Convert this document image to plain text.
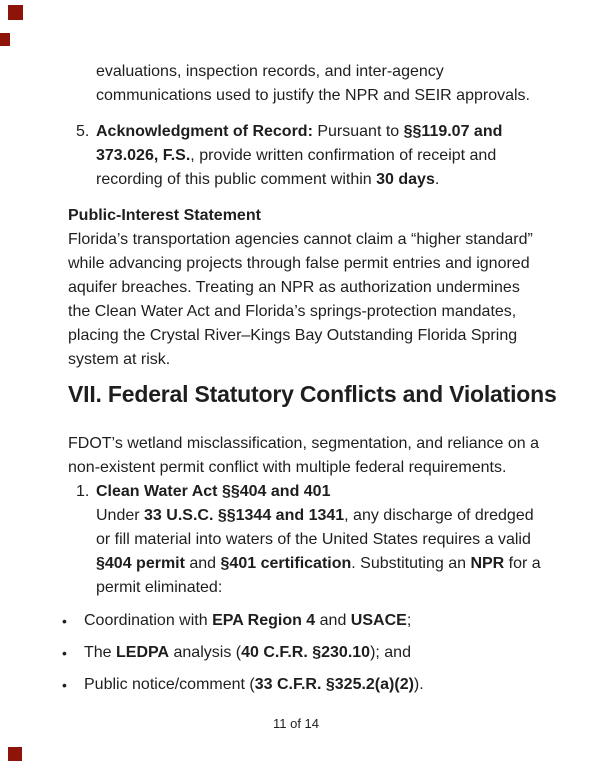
evaluations, inspection records, and inter-agency communications used to justify the NPR and SEIR approvals.

5. Acknowledgment of Record: Pursuant to §§119.07 and 373.026, F.S., provide written confirmation of receipt and recording of this public comment within 30 days.
Public-Interest Statement

Florida’s transportation agencies cannot claim a “higher standard” while advancing projects through false permit entries and ignored aquifer breaches. Treating an NPR as authorization undermines the Clean Water Act and Florida’s springs-protection mandates, placing the Crystal River–Kings Bay Outstanding Florida Spring system at risk.

VII. Federal Statutory Conflicts and Violations

FDOT’s wetland misclassification, segmentation, and reliance on a non-existent permit conflict with multiple federal requirements.

1. Clean Water Act §§404 and 401
Under 33 U.S.C. §§1344 and 1341, any discharge of dredged or fill material into waters of the United States requires a valid §404 permit and §401 certification. Substituting an NPR for a permit eliminated:
•	Coordination with EPA Region 4 and USACE;
•	The LEDPA analysis (40 C.F.R. §230.10); and
•	Public notice/comment (33 C.F.R. §325.2(a)(2)).
11 of 14
